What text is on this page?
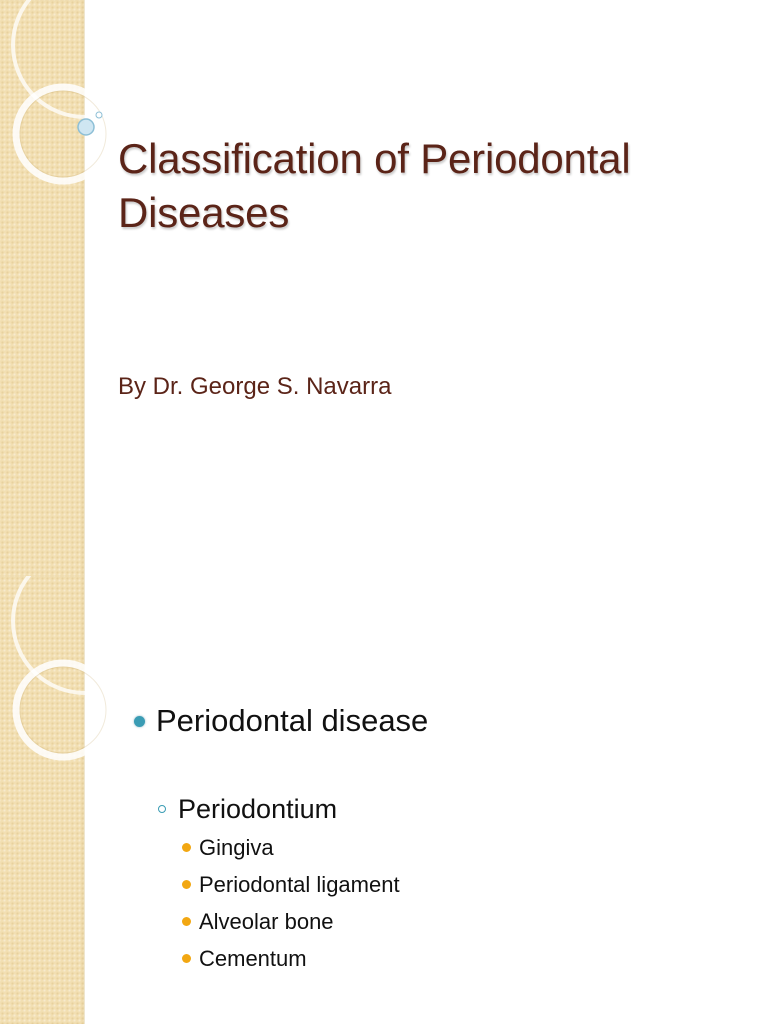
Classification of Periodontal Diseases

By Dr. George S. Navarra

Periodontal disease
Periodontium
Gingiva
Periodontal ligament
Alveolar bone
Cementum
